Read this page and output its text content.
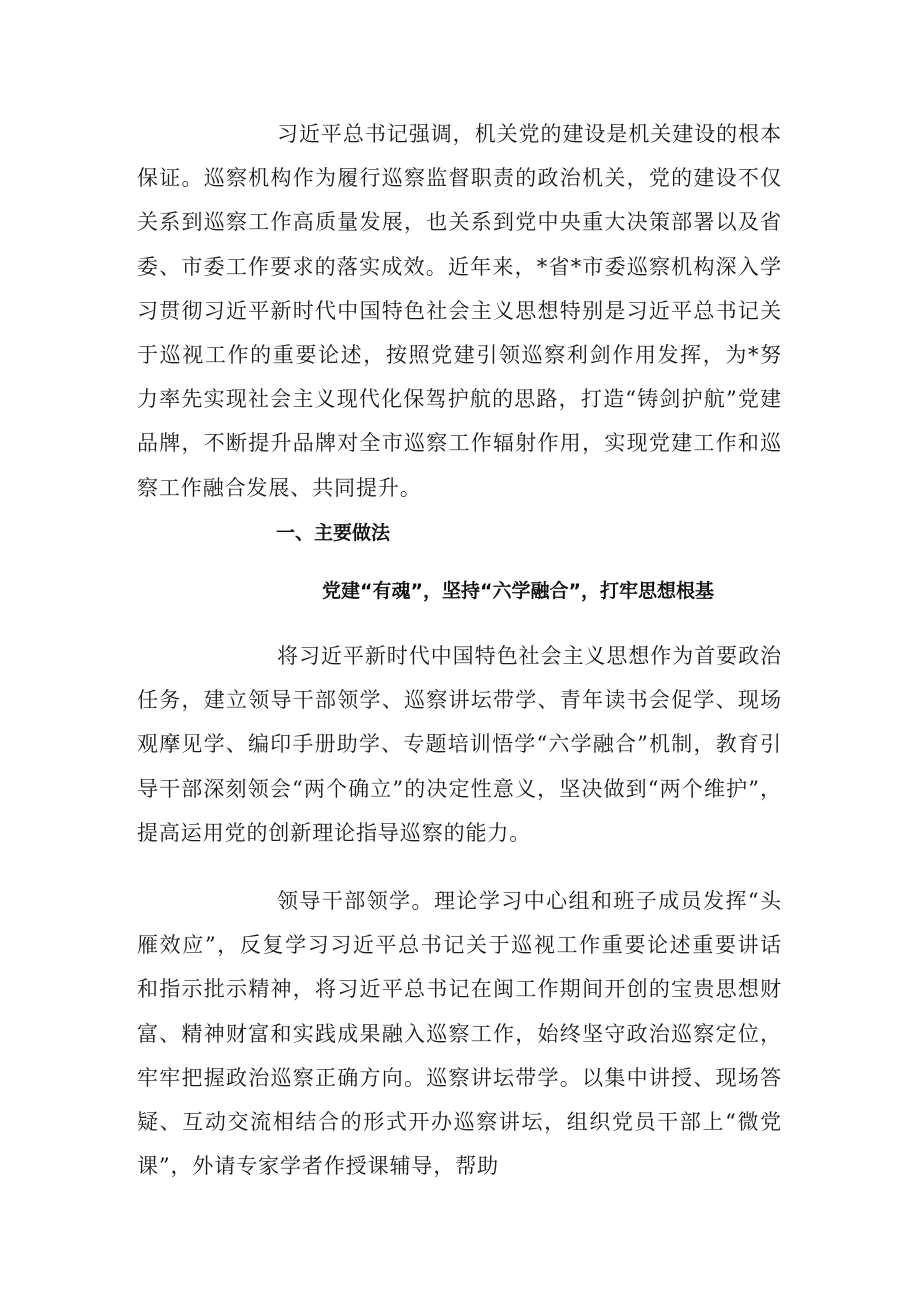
习近平总书记强调，机关党的建设是机关建设的根本保证。巡察机构作为履行巡察监督职责的政治机关，党的建设不仅关系到巡察工作高质量发展，也关系到党中央重大决策部署以及省委、市委工作要求的落实成效。近年来，*省*市委巡察机构深入学习贯彻习近平新时代中国特色社会主义思想特别是习近平总书记关于巡视工作的重要论述，按照党建引领巡察利剑作用发挥，为*努力率先实现社会主义现代化保驾护航的思路，打造“铸剑护航”党建品牌，不断提升品牌对全市巡察工作辐射作用，实现党建工作和巡察工作融合发展、共同提升。

一、主要做法
党建“有魂”，坚持“六学融合”，打牢思想根基

将习近平新时代中国特色社会主义思想作为首要政治任务，建立领导干部领学、巡察讲坛带学、青年读书会促学、现场观摩见学、编印手册助学、专题培训悟学“六学融合”机制，教育引导干部深刻领会“两个确立”的决定性意义，坚决做到“两个维护”，提高运用党的创新理论指导巡察的能力。

领导干部领学。理论学习中心组和班子成员发挥“头雁效应”，反复学习习近平总书记关于巡视工作重要论述重要讲话和指示批示精神，将习近平总书记在闽工作期间开创的宝贵思想财富、精神财富和实践成果融入巡察工作，始终坚守政治巡察定位，牢牢把握政治巡察正确方向。巡察讲坛带学。以集中讲授、现场答疑、互动交流相结合的形式开办巡察讲坛，组织党员干部上“微党课”，外请专家学者作授课辅导，帮助
